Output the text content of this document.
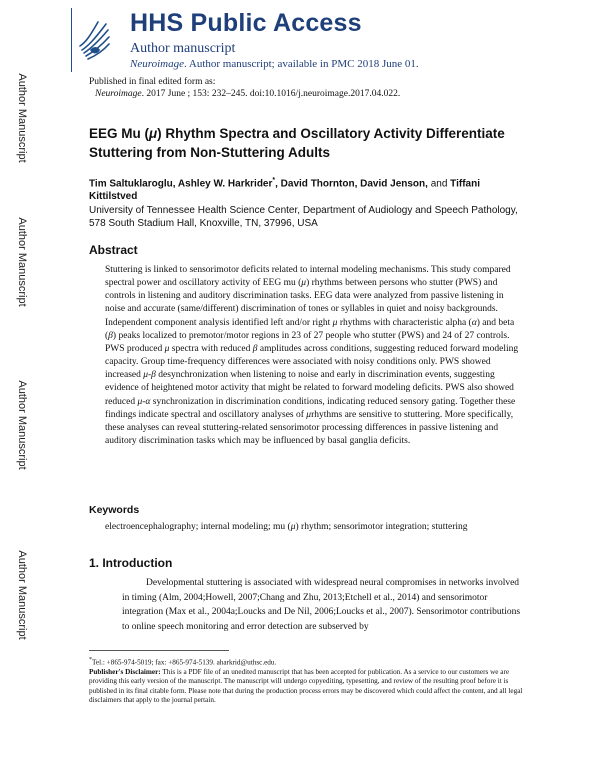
Author Manuscript
Author Manuscript
Author Manuscript
Author Manuscript
HHS Public Access
Author manuscript
Neuroimage. Author manuscript; available in PMC 2018 June 01.
Published in final edited form as:
Neuroimage. 2017 June ; 153: 232–245. doi:10.1016/j.neuroimage.2017.04.022.
EEG Mu (μ) Rhythm Spectra and Oscillatory Activity Differentiate Stuttering from Non-Stuttering Adults
Tim Saltuklaroglu, Ashley W. Harkrider*, David Thornton, David Jenson, and Tiffani Kittilstved
University of Tennessee Health Science Center, Department of Audiology and Speech Pathology, 578 South Stadium Hall, Knoxville, TN, 37996, USA
Abstract
Stuttering is linked to sensorimotor deficits related to internal modeling mechanisms. This study compared spectral power and oscillatory activity of EEG mu (μ) rhythms between persons who stutter (PWS) and controls in listening and auditory discrimination tasks. EEG data were analyzed from passive listening in noise and accurate (same/different) discrimination of tones or syllables in quiet and noisy backgrounds. Independent component analysis identified left and/or right μ rhythms with characteristic alpha (α) and beta (β) peaks localized to premotor/motor regions in 23 of 27 people who stutter (PWS) and 24 of 27 controls. PWS produced μ spectra with reduced β amplitudes across conditions, suggesting reduced forward modeling capacity. Group time-frequency differences were associated with noisy conditions only. PWS showed increased μ-β desynchronization when listening to noise and early in discrimination events, suggesting evidence of heightened motor activity that might be related to forward modeling deficits. PWS also showed reduced μ-α synchronization in discrimination conditions, indicating reduced sensory gating. Together these findings indicate spectral and oscillatory analyses of μrhythms are sensitive to stuttering. More specifically, these analyses can reveal stuttering-related sensorimotor processing differences in passive listening and auditory discrimination tasks which may be influenced by basal ganglia deficits.
Keywords
electroencephalography; internal modeling; mu (μ) rhythm; sensorimotor integration; stuttering
1. Introduction
Developmental stuttering is associated with widespread neural compromises in networks involved in timing (Alm, 2004;Howell, 2007;Chang and Zhu, 2013;Etchell et al., 2014) and sensorimotor integration (Max et al., 2004a;Loucks and De Nil, 2006;Loucks et al., 2007). Sensorimotor contributions to online speech monitoring and error detection are subserved by
*Tel.: +865-974-5019; fax: +865-974-5139. aharkrid@uthsc.edu.
Publisher's Disclaimer: This is a PDF file of an unedited manuscript that has been accepted for publication. As a service to our customers we are providing this early version of the manuscript. The manuscript will undergo copyediting, typesetting, and review of the resulting proof before it is published in its final citable form. Please note that during the production process errors may be discovered which could affect the content, and all legal disclaimers that apply to the journal pertain.
